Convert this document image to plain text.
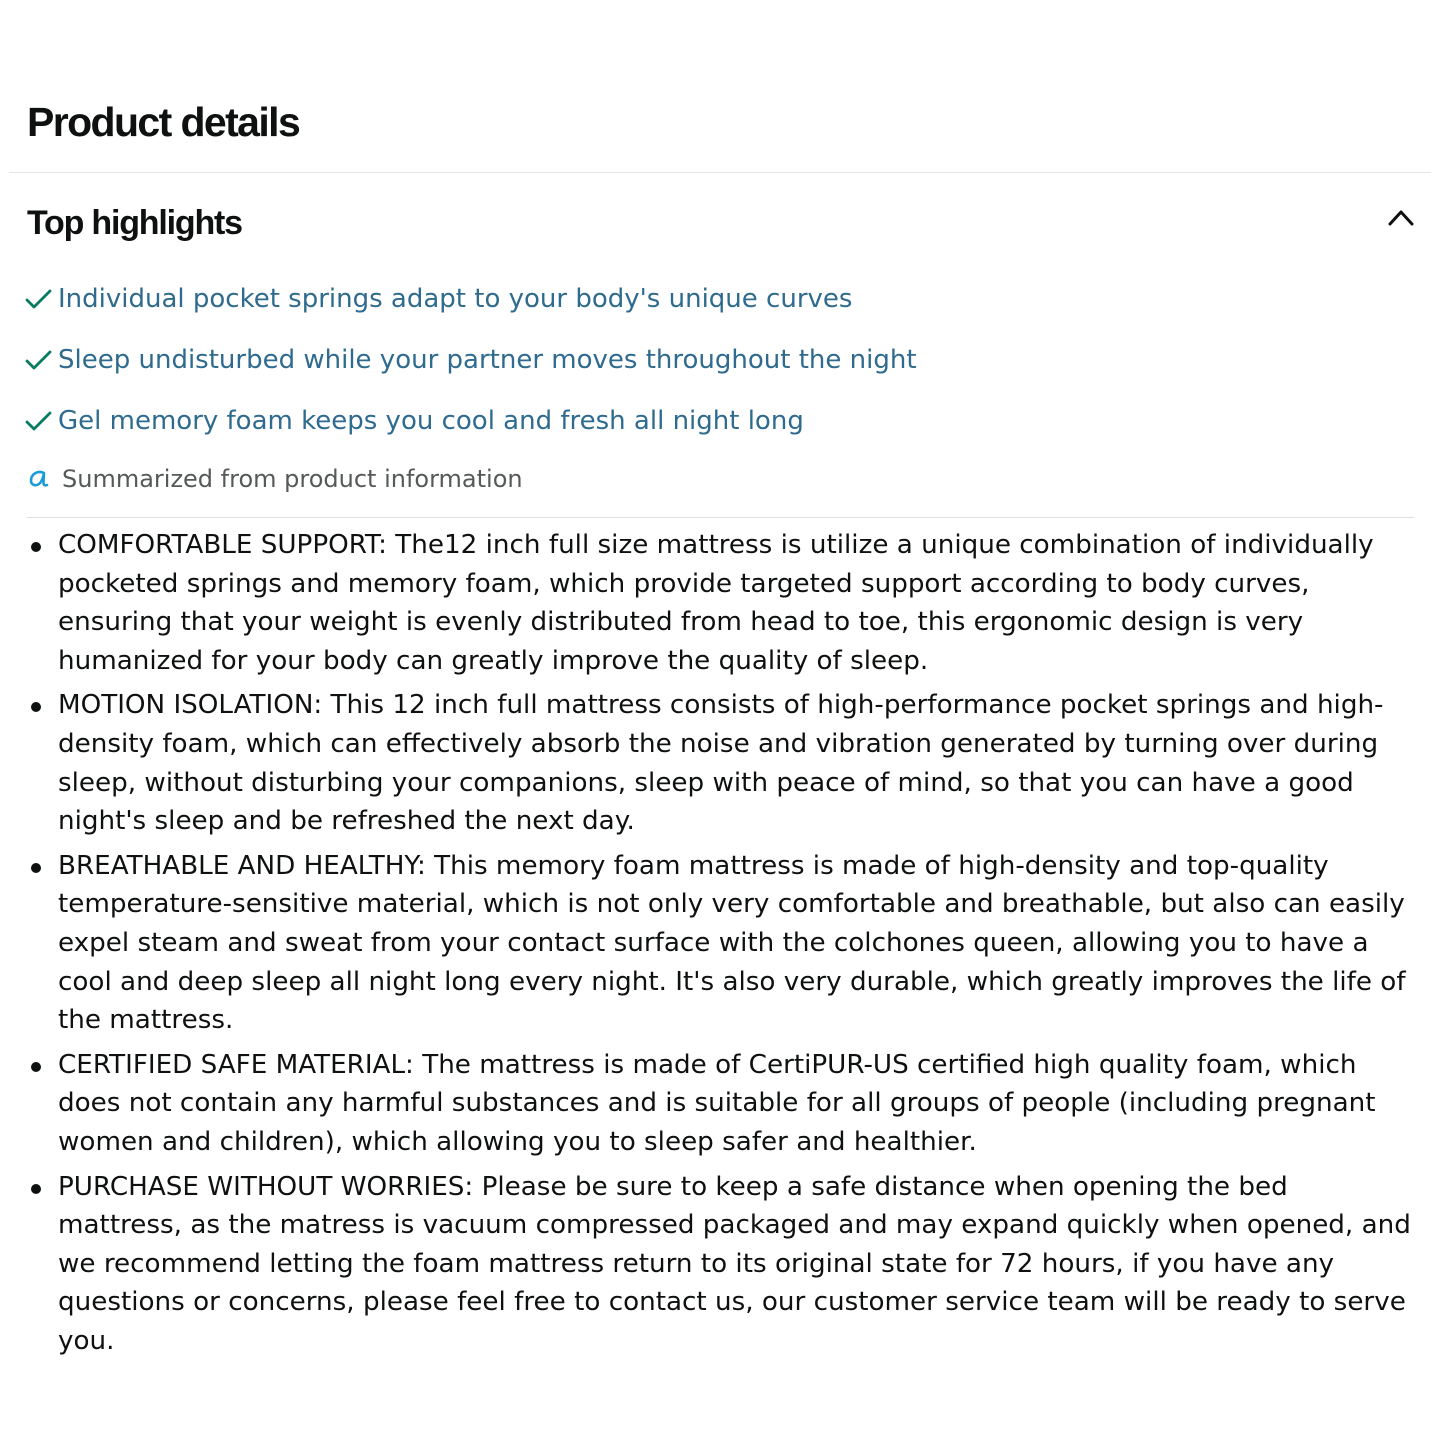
Product details
Top highlights
Individual pocket springs adapt to your body's unique curves
Sleep undisturbed while your partner moves throughout the night
Gel memory foam keeps you cool and fresh all night long
Summarized from product information
COMFORTABLE SUPPORT: The12 inch full size mattress is utilize a unique combination of individually pocketed springs and memory foam, which provide targeted support according to body curves, ensuring that your weight is evenly distributed from head to toe, this ergonomic design is very humanized for your body can greatly improve the quality of sleep.
MOTION ISOLATION: This 12 inch full mattress consists of high-performance pocket springs and high-density foam, which can effectively absorb the noise and vibration generated by turning over during sleep, without disturbing your companions, sleep with peace of mind, so that you can have a good night's sleep and be refreshed the next day.
BREATHABLE AND HEALTHY: This memory foam mattress is made of high-density and top-quality temperature-sensitive material, which is not only very comfortable and breathable, but also can easily expel steam and sweat from your contact surface with the colchones queen, allowing you to have a cool and deep sleep all night long every night. It's also very durable, which greatly improves the life of the mattress.
CERTIFIED SAFE MATERIAL: The mattress is made of CertiPUR-US certified high quality foam, which does not contain any harmful substances and is suitable for all groups of people (including pregnant women and children), which allowing you to sleep safer and healthier.
PURCHASE WITHOUT WORRIES: Please be sure to keep a safe distance when opening the bed mattress, as the matress is vacuum compressed packaged and may expand quickly when opened, and we recommend letting the foam mattress return to its original state for 72 hours, if you have any questions or concerns, please feel free to contact us, our customer service team will be ready to serve you.
